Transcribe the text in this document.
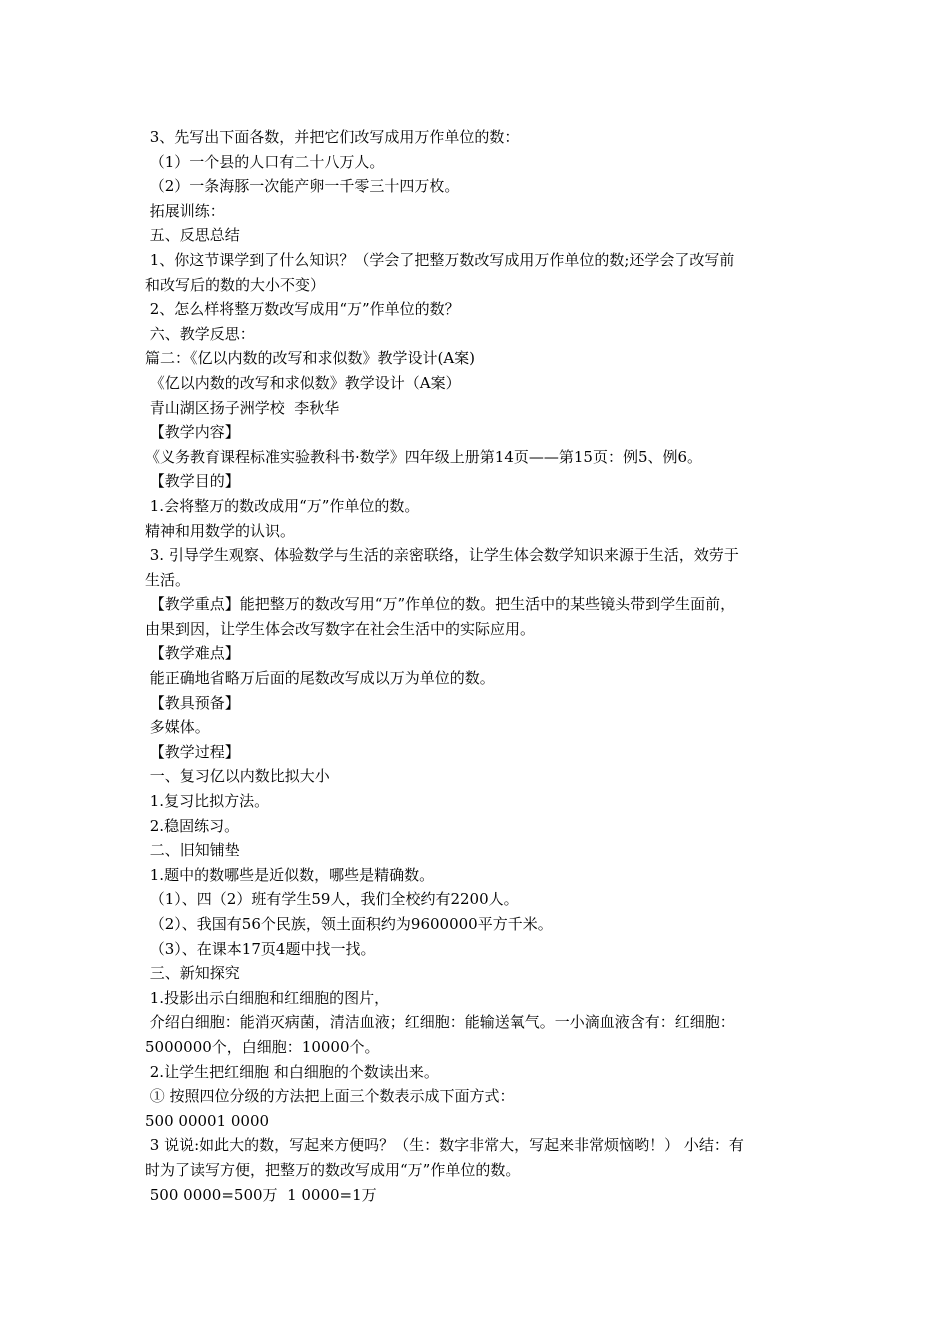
3、先写出下面各数，并把它们改写成用万作单位的数：
（1）一个县的人口有二十八万人。
（2）一条海豚一次能产卵一千零三十四万枚。
拓展训练：
五、反思总结
1、你这节课学到了什么知识？（学会了把整万数改写成用万作单位的数;还学会了改写前
和改写后的数的大小不变）
2、怎么样将整万数改写成用“万”作单位的数？
六、教学反思：
篇二：《亿以内数的改写和求似数》教学设计(A案)
《亿以内数的改写和求似数》教学设计（A案）
青山湖区扬子洲学校  李秋华
【教学内容】
《义务教育课程标准实验教科书·数学》四年级上册第14页——第15页：例5、例6。
【教学目的】
1.会将整万的数改成用“万”作单位的数。
精神和用数学的认识。
3. 引导学生观察、体验数学与生活的亲密联络，让学生体会数学知识来源于生活，效劳于
生活。
【教学重点】能把整万的数改写用“万”作单位的数。把生活中的某些镜头带到学生面前，
由果到因，让学生体会改写数字在社会生活中的实际应用。
【教学难点】
能正确地省略万后面的尾数改写成以万为单位的数。
【教具预备】
多媒体。
【教学过程】
一、复习亿以内数比拟大小
1.复习比拟方法。
2.稳固练习。
二、旧知铺垫
1.题中的数哪些是近似数，哪些是精确数。
（1）、四（2）班有学生59人，我们全校约有2200人。
（2）、我国有56个民族，领土面积约为9600000平方千米。
（3）、在课本17页4题中找一找。
三、新知探究
1.投影出示白细胞和红细胞的图片，
介绍白细胞：能消灭病菌，清洁血液；红细胞：能输送氧气。一小滴血液含有：红细胞：
5000000个，白细胞：10000个。
2.让学生把红细胞 和白细胞的个数读出来。
① 按照四位分级的方法把上面三个数表示成下面方式：
500 00001 0000
3 说说:如此大的数，写起来方便吗？（生：数字非常大，写起来非常烦恼哟！） 小结：有
时为了读写方便，把整万的数改写成用“万”作单位的数。
500 0000=500万  1 0000=1万
